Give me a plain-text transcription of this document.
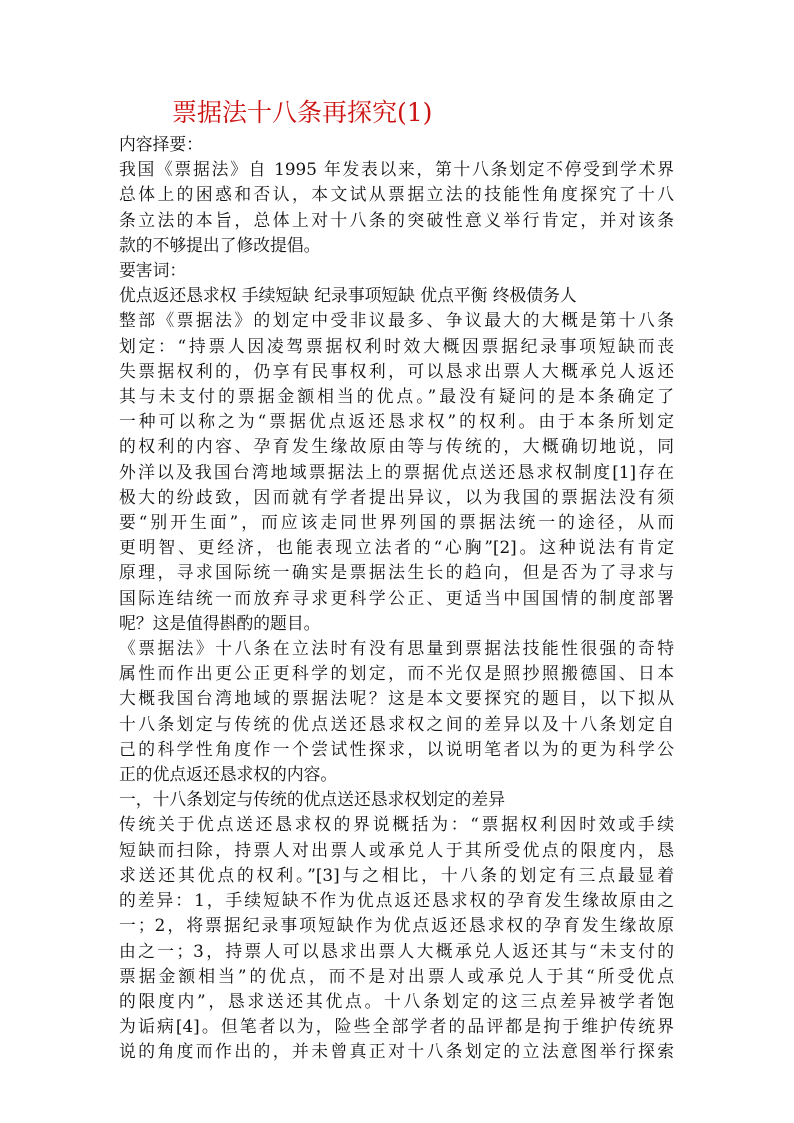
票据法十八条再探究(1)
内容择要：
我国《票据法》自 1995 年发表以来，第十八条划定不停受到学术界
总体上的困惑和否认，本文试从票据立法的技能性角度探究了十八
条立法的本旨，总体上对十八条的突破性意义举行肯定，并对该条
款的不够提出了修改提倡。
要害词：
优点返还恳求权 手续短缺 纪录事项短缺 优点平衡 终极债务人
整部《票据法》的划定中受非议最多、争议最大的大概是第十八条
划定：“持票人因凌驾票据权利时效大概因票据纪录事项短缺而丧
失票据权利的，仍享有民事权利，可以恳求出票人大概承兑人返还
其与未支付的票据金额相当的优点。”最没有疑问的是本条确定了
一种可以称之为“票据优点返还恳求权”的权利。由于本条所划定
的权利的内容、孕育发生缘故原由等与传统的，大概确切地说，同
外洋以及我国台湾地域票据法上的票据优点送还恳求权制度[1]存在
极大的纷歧致，因而就有学者提出异议，以为我国的票据法没有须
要“别开生面”，而应该走同世界列国的票据法统一的途径，从而
更明智、更经济，也能表现立法者的“心胸”[2]。这种说法有肯定
原理，寻求国际统一确实是票据法生长的趋向，但是否为了寻求与
国际连结统一而放弃寻求更科学公正、更适当中国国情的制度部署
呢？这是值得斟酌的题目。
《票据法》十八条在立法时有没有思量到票据法技能性很强的奇特
属性而作出更公正更科学的划定，而不光仅是照抄照搬德国、日本
大概我国台湾地域的票据法呢？这是本文要探究的题目，以下拟从
十八条划定与传统的优点送还恳求权之间的差异以及十八条划定自
己的科学性角度作一个尝试性探求，以说明笔者以为的更为科学公
正的优点返还恳求权的内容。
一，十八条划定与传统的优点送还恳求权划定的差异
传统关于优点送还恳求权的界说概括为：“票据权利因时效或手续
短缺而扫除，持票人对出票人或承兑人于其所受优点的限度内，恳
求送还其优点的权利。”[3]与之相比，十八条的划定有三点最显着
的差异：1，手续短缺不作为优点返还恳求权的孕育发生缘故原由之
一；2，将票据纪录事项短缺作为优点返还恳求权的孕育发生缘故原
由之一；3，持票人可以恳求出票人大概承兑人返还其与“未支付的
票据金额相当”的优点，而不是对出票人或承兑人于其“所受优点
的限度内”，恳求送还其优点。十八条划定的这三点差异被学者饱
为诟病[4]。但笔者以为，险些全部学者的品评都是拘于维护传统界
说的角度而作出的，并未曾真正对十八条划定的立法意图举行探索
